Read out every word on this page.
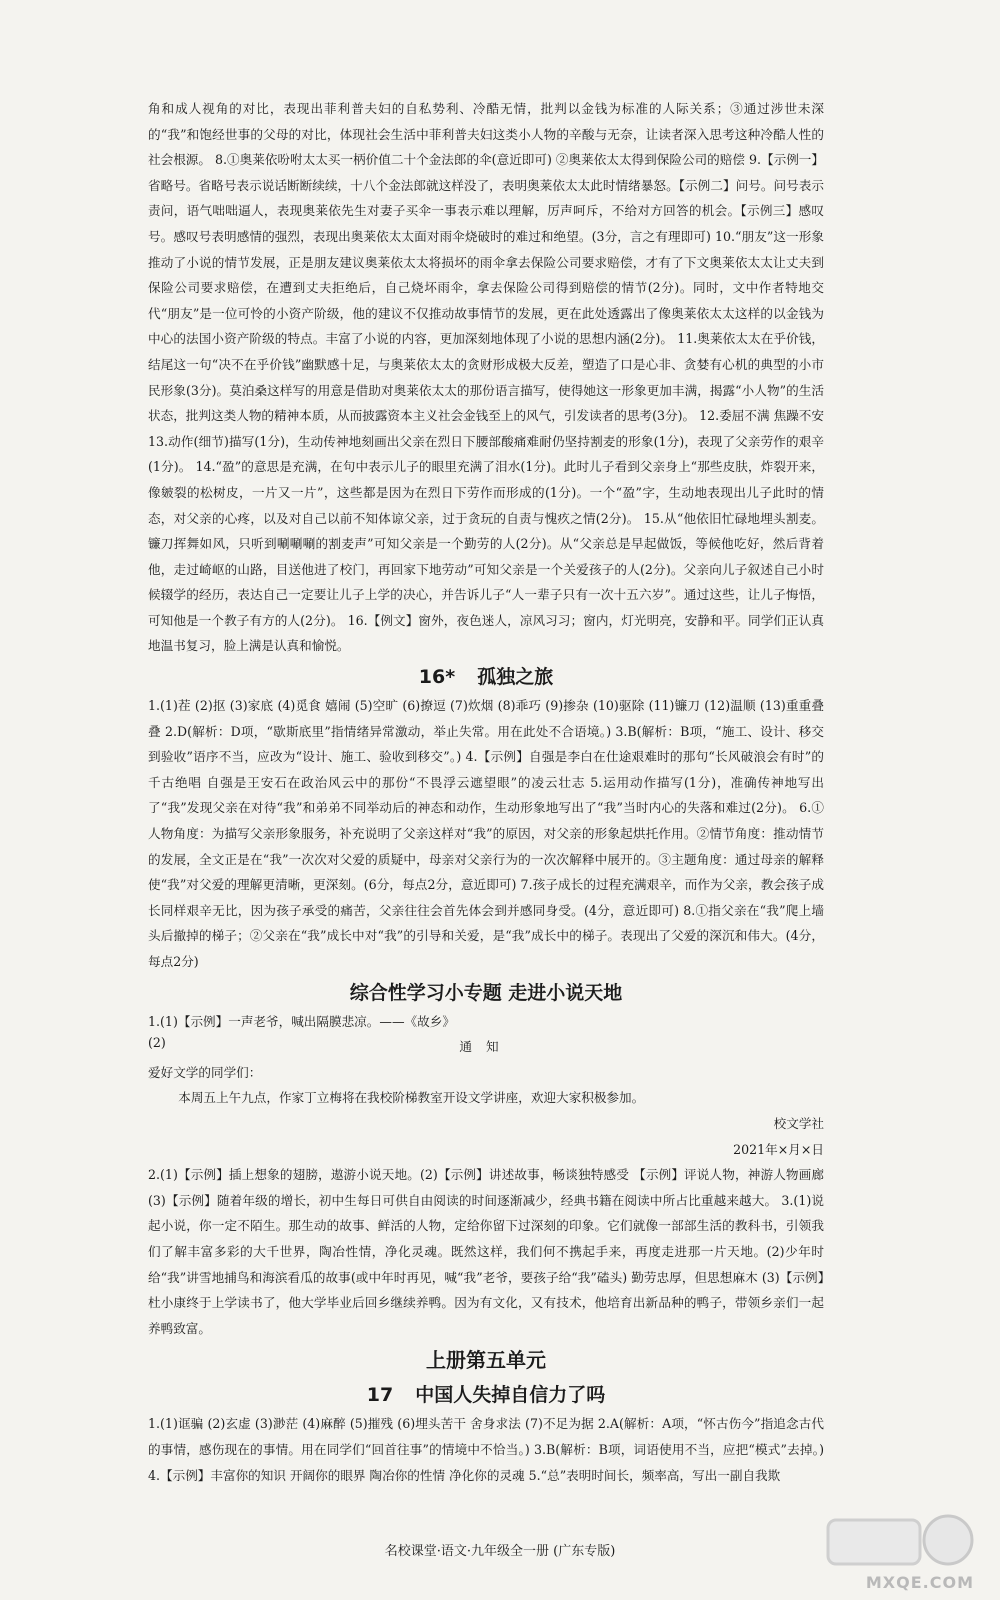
角和成人视角的对比，表现出菲利普夫妇的自私势利、冷酷无情，批判以金钱为标准的人际关系；③通过涉世未深的“我”和饱经世事的父母的对比，体现社会生活中菲利普夫妇这类小人物的辛酸与无奈，让读者深入思考这种冷酷人性的社会根源。 8.①奥莱依吩咐太太买一柄价值二十个金法郎的伞(意近即可) ②奥莱依太太得到保险公司的赔偿 9.【示例一】省略号。省略号表示说话断断续续，十八个金法郎就这样没了，表明奥莱依太太此时情绪暴怒。【示例二】问号。问号表示责问，语气咄咄逼人，表现奥莱依先生对妻子买伞一事表示难以理解，厉声呵斥，不给对方回答的机会。【示例三】感叹号。感叹号表明感情的强烈，表现出奥莱依太太面对雨伞烧破时的难过和绝望。(3分，言之有理即可) 10.“朋友”这一形象推动了小说的情节发展，正是朋友建议奥莱依太太将损坏的雨伞拿去保险公司要求赔偿，才有了下文奥莱依太太让丈夫到保险公司要求赔偿，在遭到丈夫拒绝后，自己烧坏雨伞，拿去保险公司得到赔偿的情节(2分)。同时，文中作者特地交代“朋友”是一位可怜的小资产阶级，他的建议不仅推动故事情节的发展，更在此处透露出了像奥莱依太太这样的以金钱为中心的法国小资产阶级的特点。丰富了小说的内容，更加深刻地体现了小说的思想内涵(2分)。 11.奥莱依太太在乎价钱，结尾这一句“决不在乎价钱”幽默感十足，与奥莱依太太的贪财形成极大反差，塑造了口是心非、贪婪有心机的典型的小市民形象(3分)。莫泊桑这样写的用意是借助对奥莱依太太的那份语言描写，使得她这一形象更加丰满，揭露“小人物”的生活状态，批判这类人物的精神本质，从而披露资本主义社会金钱至上的风气，引发读者的思考(3分)。 12.委屈不满 焦躁不安 13.动作(细节)描写(1分)，生动传神地刻画出父亲在烈日下腰部酸痛难耐仍坚持割麦的形象(1分)，表现了父亲劳作的艰辛(1分)。 14.“盈”的意思是充满，在句中表示儿子的眼里充满了泪水(1分)。此时儿子看到父亲身上“那些皮肤，炸裂开来，像皴裂的松树皮，一片又一片”，这些都是因为在烈日下劳作而形成的(1分)。一个“盈”字，生动地表现出儿子此时的情态，对父亲的心疼，以及对自己以前不知体谅父亲，过于贪玩的自责与愧疚之情(2分)。 15.从“他依旧忙碌地埋头割麦。镰刀挥舞如风，只听到唰唰唰的割麦声”可知父亲是一个勤劳的人(2分)。从“父亲总是早起做饭，等候他吃好，然后背着他，走过崎岖的山路，目送他进了校门，再回家下地劳动”可知父亲是一个关爱孩子的人(2分)。父亲向儿子叙述自己小时候辍学的经历，表达自己一定要让儿子上学的决心，并告诉儿子“人一辈子只有一次十五六岁”。通过这些，让儿子悔悟，可知他是一个教子有方的人(2分)。 16.【例文】窗外，夜色迷人，凉风习习；窗内，灯光明亮，安静和平。同学们正认真地温书复习，脸上满是认真和愉悦。

16* 孤独之旅

1.(1)茬 (2)抠 (3)家底 (4)觅食 嬉闹 (5)空旷 (6)撩逗 (7)炊烟 (8)乖巧 (9)掺杂 (10)驱除 (11)镰刀 (12)温顺 (13)重重叠叠 2.D(解析：D项，“歇斯底里”指情绪异常激动，举止失常。用在此处不合语境。) 3.B(解析：B项，“施工、设计、移交到验收”语序不当，应改为“设计、施工、验收到移交”。) 4.【示例】自强是李白在仕途艰难时的那句“长风破浪会有时”的千古绝唱 自强是王安石在政治风云中的那份“不畏浮云遮望眼”的凌云壮志 5.运用动作描写(1分)，准确传神地写出了“我”发现父亲在对待“我”和弟弟不同举动后的神态和动作，生动形象地写出了“我”当时内心的失落和难过(2分)。 6.①人物角度：为描写父亲形象服务，补充说明了父亲这样对“我”的原因，对父亲的形象起烘托作用。②情节角度：推动情节的发展，全文正是在“我”一次次对父爱的质疑中，母亲对父亲行为的一次次解释中展开的。③主题角度：通过母亲的解释使“我”对父爱的理解更清晰，更深刻。(6分，每点2分，意近即可) 7.孩子成长的过程充满艰辛，而作为父亲，教会孩子成长同样艰辛无比，因为孩子承受的痛苦，父亲往往会首先体会到并感同身受。(4分，意近即可) 8.①指父亲在“我”爬上墙头后撤掉的梯子；②父亲在“我”成长中对“我”的引导和关爱，是“我”成长中的梯子。表现出了父爱的深沉和伟大。(4分，每点2分)

综合性学习小专题 走进小说天地

1.(1)【示例】一声老爷，喊出隔膜悲凉。——《故乡》

(2)	通知

爱好文学的同学们：

本周五上午九点，作家丁立梅将在我校阶梯教室开设文学讲座，欢迎大家积极参加。

校文学社

2021年×月×日

2.(1)【示例】插上想象的翅膀，遨游小说天地。(2)【示例】讲述故事，畅谈独特感受 【示例】评说人物，神游人物画廊 (3)【示例】随着年级的增长，初中生每日可供自由阅读的时间逐渐减少，经典书籍在阅读中所占比重越来越大。 3.(1)说起小说，你一定不陌生。那生动的故事、鲜活的人物，定给你留下过深刻的印象。它们就像一部部生活的教科书，引领我们了解丰富多彩的大千世界，陶冶性情，净化灵魂。既然这样，我们何不携起手来，再度走进那一片天地。(2)少年时给“我”讲雪地捕鸟和海滨看瓜的故事(或中年时再见，喊“我”老爷，要孩子给“我”磕头) 勤劳忠厚，但思想麻木 (3)【示例】杜小康终于上学读书了，他大学毕业后回乡继续养鸭。因为有文化，又有技术，他培育出新品种的鸭子，带领乡亲们一起养鸭致富。

上册第五单元
17 中国人失掉自信力了吗

1.(1)诓骗 (2)玄虚 (3)渺茫 (4)麻醉 (5)摧残 (6)埋头苦干 舍身求法 (7)不足为据 2.A(解析：A项，“怀古伤今”指追念古代的事情，感伤现在的事情。用在同学们“回首往事”的情境中不恰当。) 3.B(解析：B项，词语使用不当，应把“模式”去掉。) 4.【示例】丰富你的知识 开阔你的眼界 陶冶你的性情 净化你的灵魂 5.“总”表明时间长，频率高，写出一副自我欺

名校课堂·语文·九年级全一册 (广东专版)
MXQE.COM
